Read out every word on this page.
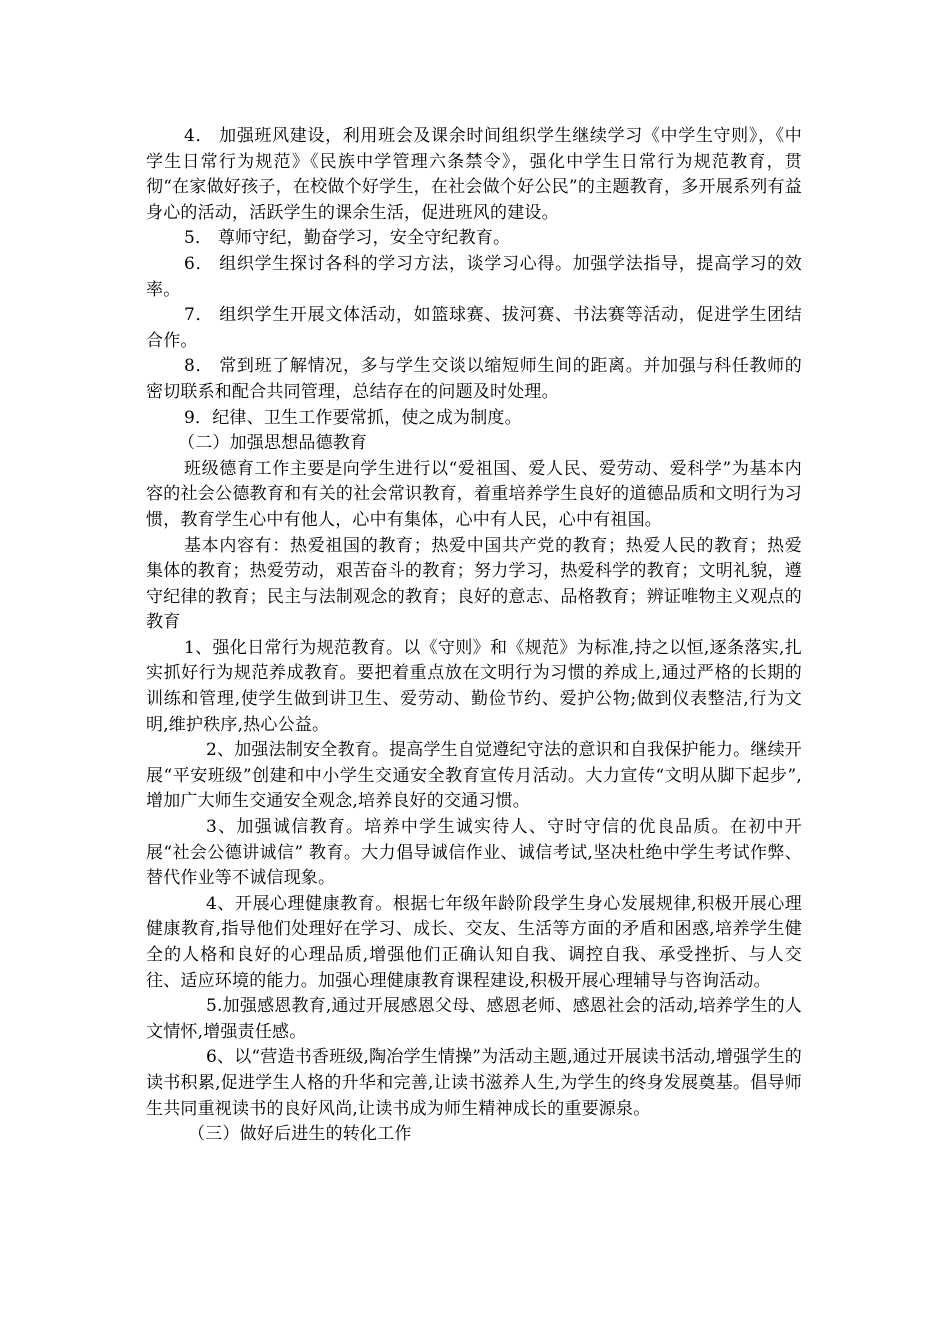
4． 加强班风建设，利用班会及课余时间组织学生继续学习《中学生守则》，《中学生日常行为规范》《民族中学管理六条禁令》，强化中学生日常行为规范教育，贯彻“在家做好孩子，在校做个好学生，在社会做个好公民”的主题教育，多开展系列有益身心的活动，活跃学生的课余生活，促进班风的建设。

5． 尊师守纪，勤奋学习，安全守纪教育。

6． 组织学生探讨各科的学习方法，谈学习心得。加强学法指导，提高学习的效率。

7． 组织学生开展文体活动，如篮球赛、拔河赛、书法赛等活动，促进学生团结合作。

8． 常到班了解情况，多与学生交谈以缩短师生间的距离。并加强与科任教师的密切联系和配合共同管理，总结存在的问题及时处理。

9．纪律、卫生工作要常抓，使之成为制度。

（二）加强思想品德教育

班级德育工作主要是向学生进行以“爱祖国、爱人民、爱劳动、爱科学”为基本内容的社会公德教育和有关的社会常识教育，着重培养学生良好的道德品质和文明行为习惯，教育学生心中有他人，心中有集体，心中有人民，心中有祖国。

基本内容有：热爱祖国的教育；热爱中国共产党的教育；热爱人民的教育；热爱集体的教育；热爱劳动，艰苦奋斗的教育；努力学习，热爱科学的教育；文明礼貌，遵守纪律的教育；民主与法制观念的教育；良好的意志、品格教育；辨证唯物主义观点的教育

1、强化日常行为规范教育。以《守则》和《规范》为标准,持之以恒,逐条落实,扎实抓好行为规范养成教育。要把着重点放在文明行为习惯的养成上,通过严格的长期的训练和管理,使学生做到讲卫生、爱劳动、勤俭节约、爱护公物;做到仪表整洁,行为文明,维护秩序,热心公益。

2、加强法制安全教育。提高学生自觉遵纪守法的意识和自我保护能力。继续开展“平安班级”创建和中小学生交通安全教育宣传月活动。大力宣传“文明从脚下起步”,增加广大师生交通安全观念,培养良好的交通习惯。

3、加强诚信教育。培养中学生诚实待人、守时守信的优良品质。在初中开展“社会公德讲诚信” 教育。大力倡导诚信作业、诚信考试,坚决杜绝中学生考试作弊、替代作业等不诚信现象。

4、开展心理健康教育。根据七年级年龄阶段学生身心发展规律,积极开展心理健康教育,指导他们处理好在学习、成长、交友、生活等方面的矛盾和困惑,培养学生健全的人格和良好的心理品质,增强他们正确认知自我、调控自我、承受挫折、与人交往、适应环境的能力。加强心理健康教育课程建设,积极开展心理辅导与咨询活动。

5.加强感恩教育,通过开展感恩父母、感恩老师、感恩社会的活动,培养学生的人文情怀,增强责任感。

6、以“营造书香班级,陶冶学生情操”为活动主题,通过开展读书活动,增强学生的读书积累,促进学生人格的升华和完善,让读书滋养人生,为学生的终身发展奠基。倡导师生共同重视读书的良好风尚,让读书成为师生精神成长的重要源泉。

（三）做好后进生的转化工作
